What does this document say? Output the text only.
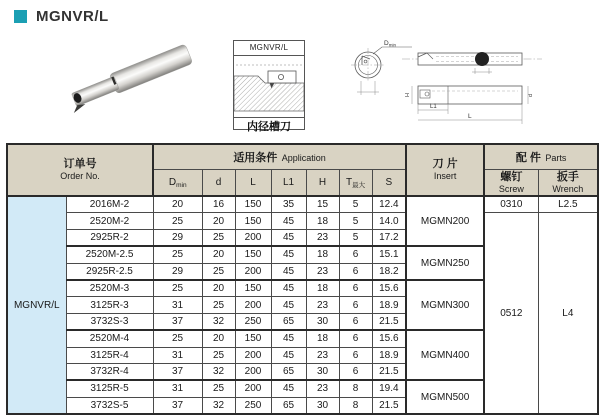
MGNVR/L
MGNVR/L
内径槽刀
$D_{min}$
H	d
L1
L
订单号
Order No.
	适用条件 Application	刀 片
Insert
	配 件 Parts
$D_{min}$	d	L	L1	H	$T_{最大}$	S	螺钉
Screw

扳手
Wrench

MGNVR/L	2016M-2	20	16	150	35	15	5	12.4	MGMN200	0310	L2.5
	2520M-2	25	20	150	45	18	5	14.0		0512	L4
	2925R-2	29	25	200	45	23	5	17.2			
	2520M-2.5	25	20	150	45	18	6	15.1	MGMN250		
	2925R-2.5	29	25	200	45	23	6	18.2			
	2520M-3	25	20	150	45	18	6	15.6	MGMN300		
	3125R-3	31	25	200	45	23	6	18.9			
	3732S-3	37	32	250	65	30	6	21.5			
	2520M-4	25	20	150	45	18	6	15.6	MGMN400		
	3125R-4	31	25	200	45	23	6	18.9			
	3732R-4	37	32	200	65	30	6	21.5			
	3125R-5	31	25	200	45	23	8	19.4	MGMN500		
	3732S-5	37	32	250	65	30	8	21.5			
